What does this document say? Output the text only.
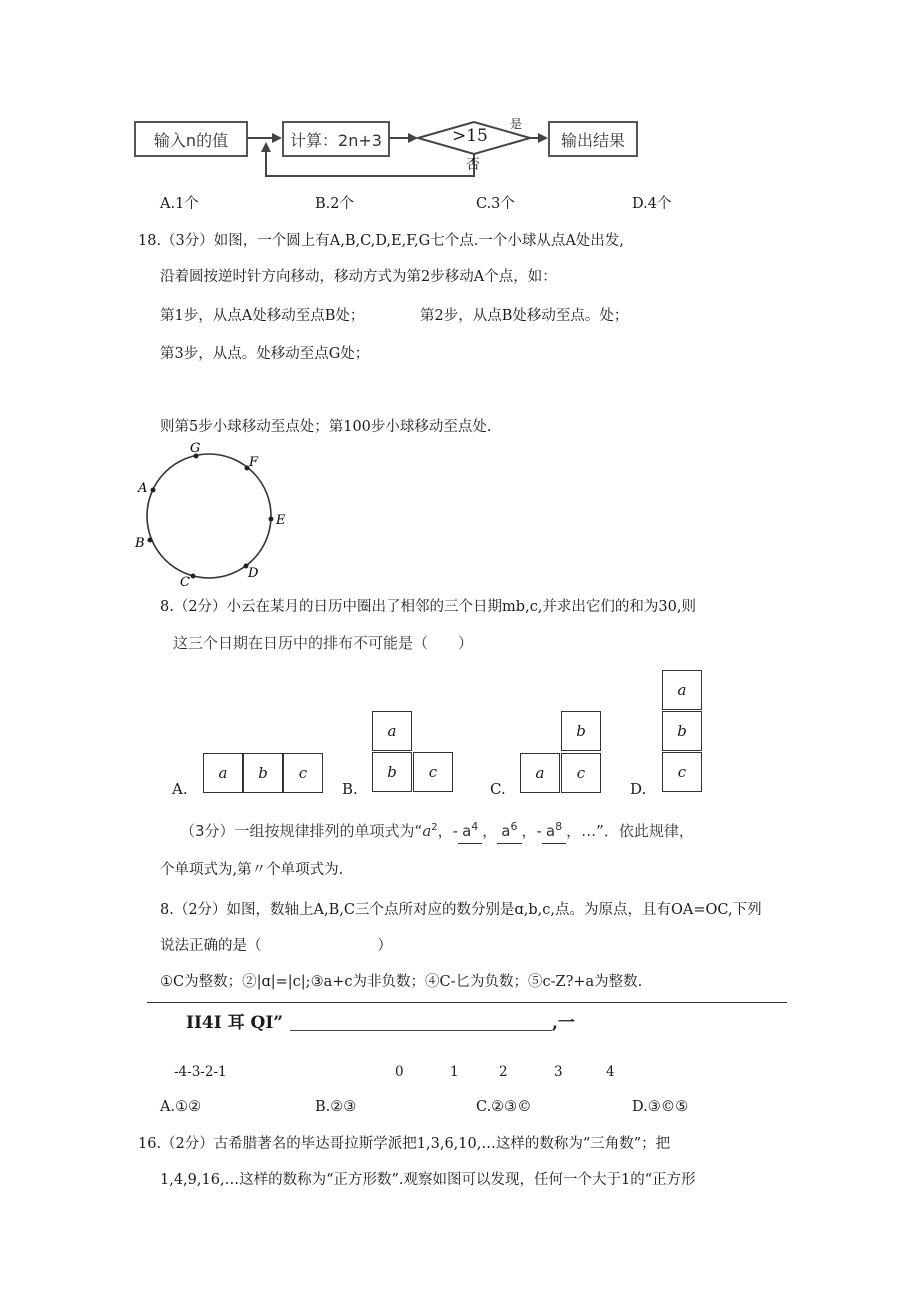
输入n的值	计算：2n+3	>15
是
否
输出结果
A.1个	B.2个	C.3个	D.4个
18.（3分）如图，一个圆上有A,B,C,D,E,F,G七个点.一个小球从点A处出发,
沿着圆按逆时针方向移动，移动方式为第2步移动A个点，如：
第1步，从点A处移动至点B处；	第2步，从点B处移动至点。处；
第3步，从点。处移动至点G处；
则第5步小球移动至点处；第100步小球移动至点处.
G
F
A
E
B
D
C
8.（2分）小云在某月的日历中圈出了相邻的三个日期mb,c,并求出它们的和为30,则
这三个日期在日历中的排布不可能是（　　）
A.
a	b	c
B.
a
b	c
C.
b
a	c
D.
a
b
c
（3分）一组按规律排列的单项式为“$a^2$，- $a^4$ ， $a^6$ ，- $a^8$ ，…”．依此规律，
个单项式为,第〃个单项式为.
8.（2分）如图，数轴上A,B,C三个点所对应的数分别是ɑ,b,c,点。为原点，且有OA=OC,下列
说法正确的是（　　　　　　　　）
①C为整数；②|ɑ|=|c|;③a+c为非负数；④C-匕为负数；⑤c-Z?+a为整数.
II4I 耳 QI”	,一
-4-3-2-1	0	1	2	3	4
A.①②	B.②③	C.②③©	D.③©⑤
16.（2分）古希腊著名的毕达哥拉斯学派把1,3,6,10,…这样的数称为“三角数”；把
1,4,9,16,…这样的数称为“正方形数”.观察如图可以发现，任何一个大于1的“正方形
